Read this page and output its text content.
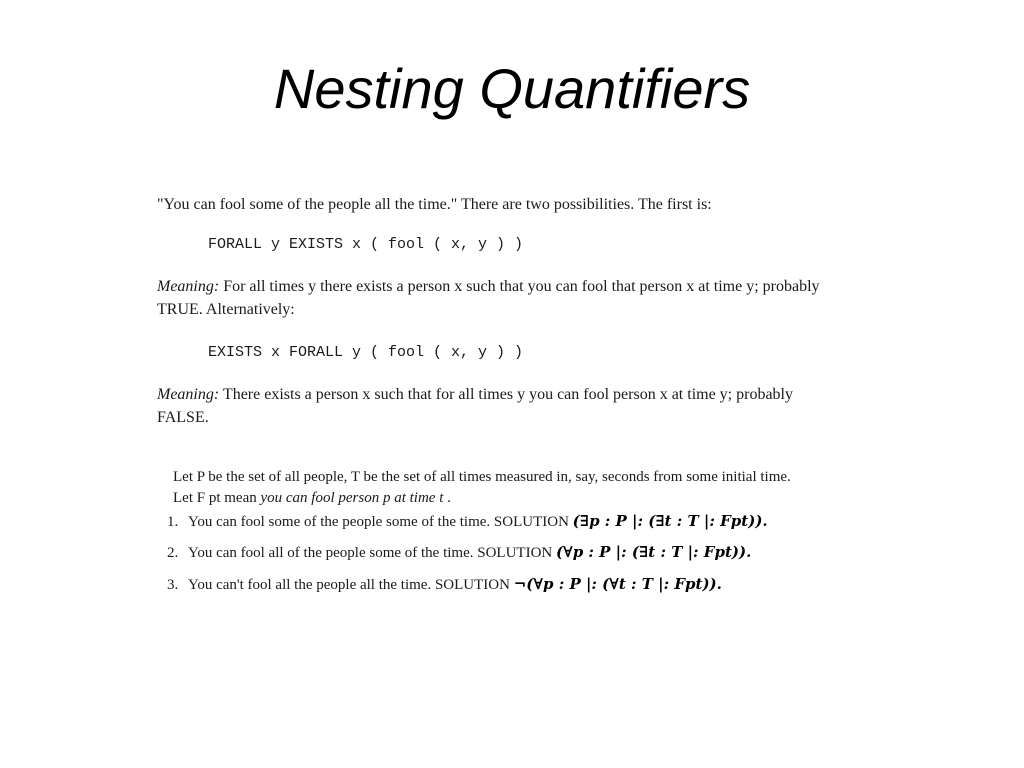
Nesting Quantifiers
"You can fool some of the people all the time." There are two possibilities. The first is:
FORALL y EXISTS x ( fool ( x, y ) )
Meaning: For all times y there exists a person x such that you can fool that person x at time y; probably
TRUE. Alternatively:
EXISTS x FORALL y ( fool ( x, y ) )
Meaning: There exists a person x such that for all times y you can fool person x at time y; probably
FALSE.
Let P be the set of all people, T be the set of all times measured in, say, seconds from some initial time.
Let F pt mean you can fool person p at time t .
1. You can fool some of the people some of the time. SOLUTION (∃p : P |: (∃t : T |: Fpt)).
2. You can fool all of the people some of the time. SOLUTION (∀p : P |: (∃t : T |: Fpt)).
3. You can't fool all the people all the time. SOLUTION ¬(∀p : P |: (∀t : T |: Fpt)).
